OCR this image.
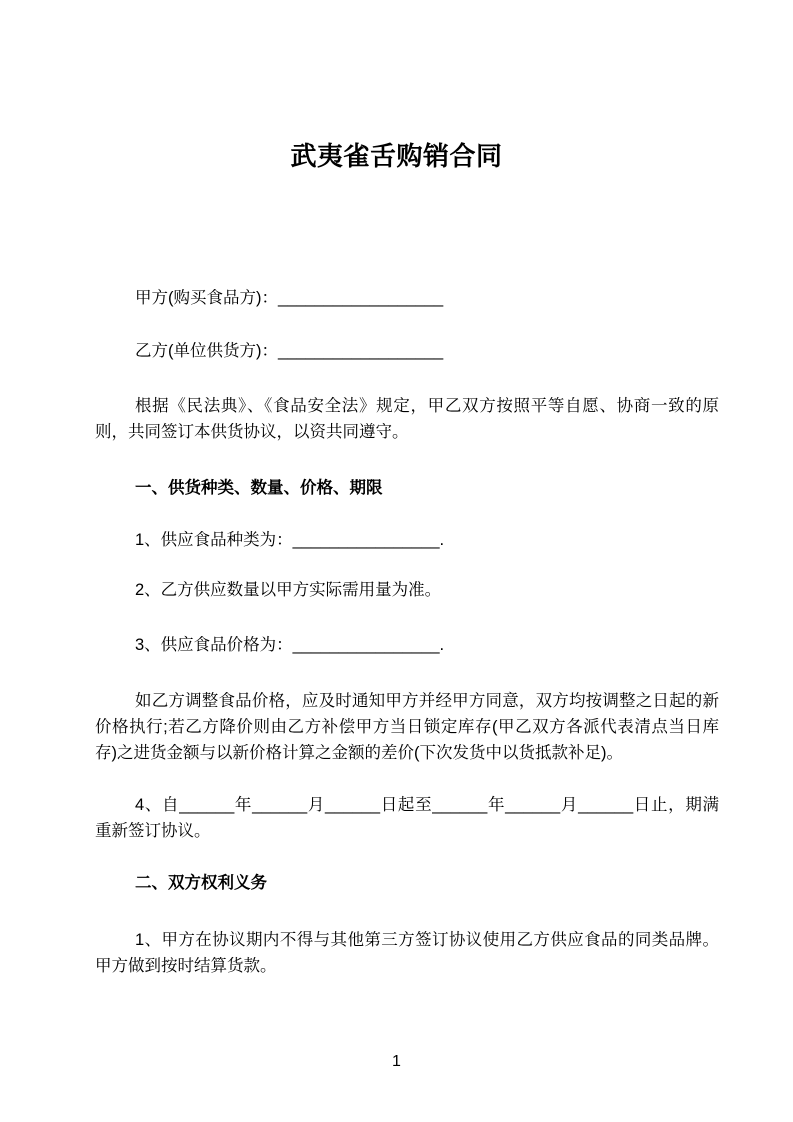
武夷雀舌购销合同
甲方(购买食品方)：__________________
乙方(单位供货方)：__________________
根据《民法典》、《食品安全法》规定，甲乙双方按照平等自愿、协商一致的原则，共同签订本供货协议，以资共同遵守。
一、供货种类、数量、价格、期限
1、供应食品种类为：________________.
2、乙方供应数量以甲方实际需用量为准。
3、供应食品价格为：________________.
如乙方调整食品价格，应及时通知甲方并经甲方同意，双方均按调整之日起的新价格执行;若乙方降价则由乙方补偿甲方当日锁定库存(甲乙双方各派代表清点当日库存)之进货金额与以新价格计算之金额的差价(下次发货中以货抵款补足)。
4、自______年______月______日起至______年______月______日止，期满重新签订协议。
二、双方权利义务
1、甲方在协议期内不得与其他第三方签订协议使用乙方供应食品的同类品牌。甲方做到按时结算货款。
1
